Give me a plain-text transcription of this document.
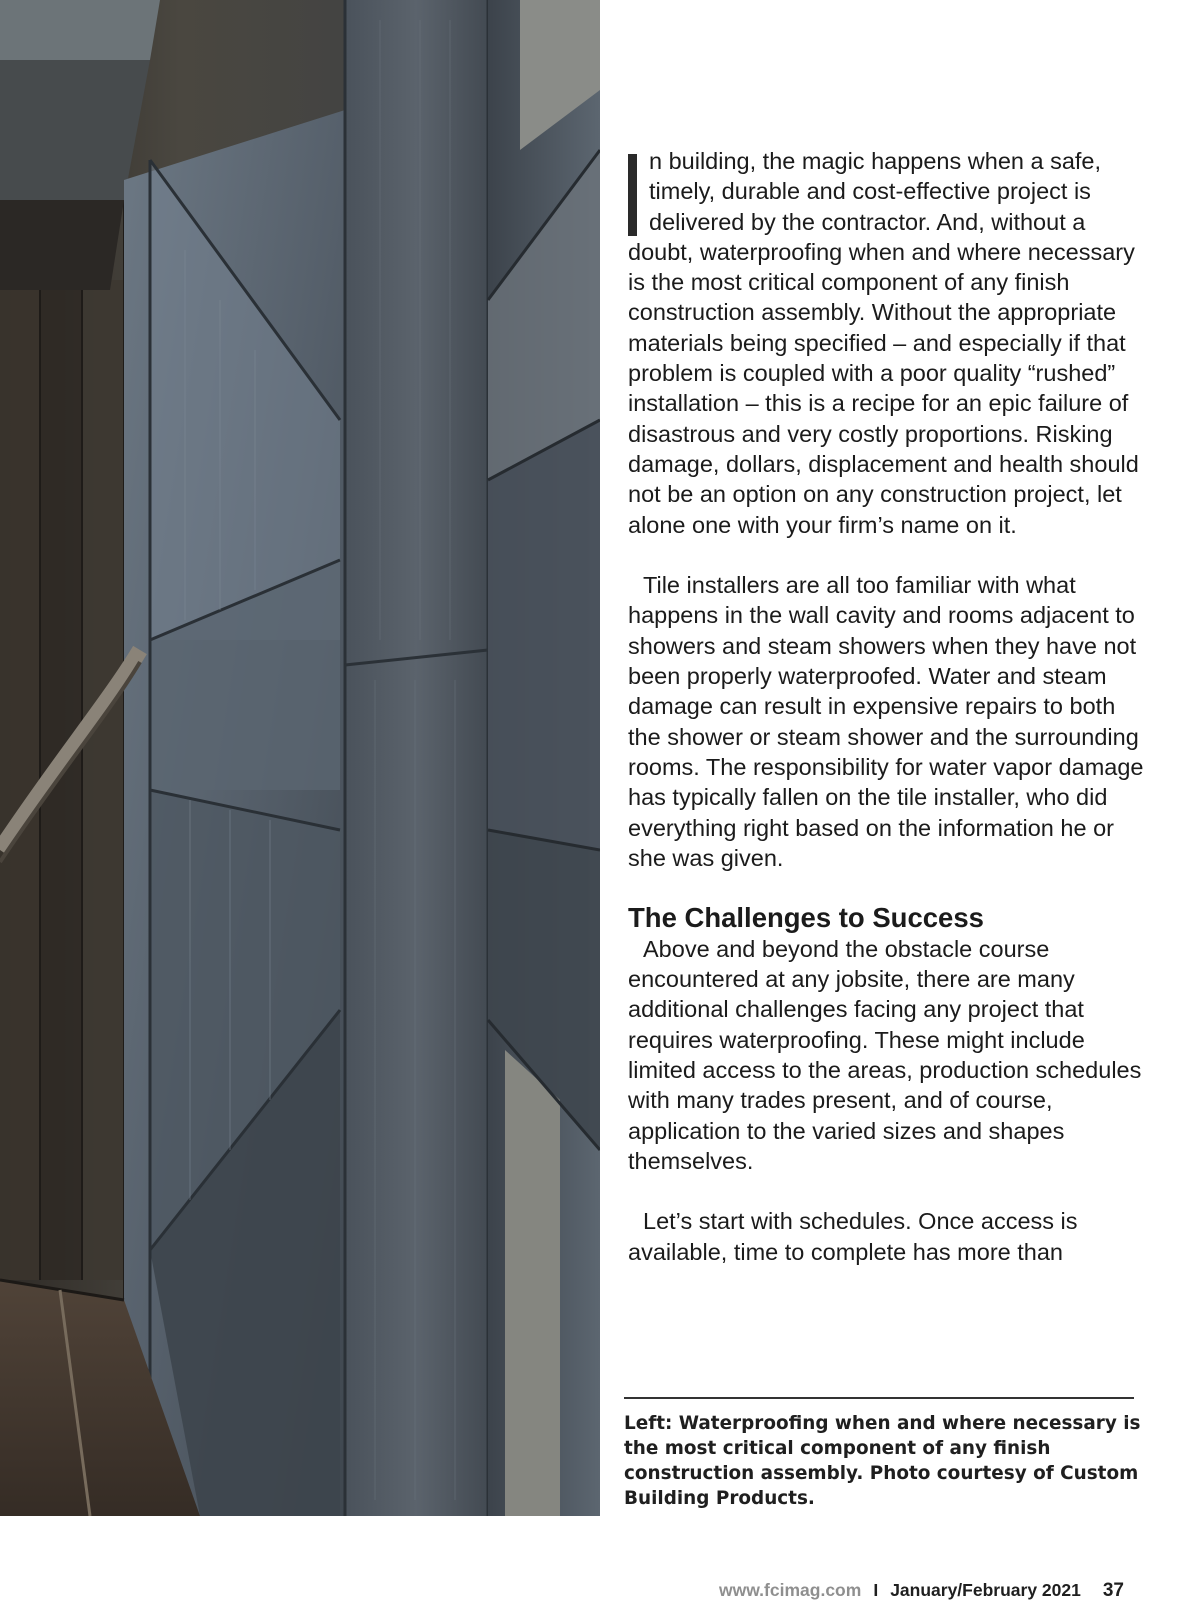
n building, the magic happens when a safe, timely, durable and cost-effective project is delivered by the contractor. And, without a doubt, waterproofing when and where necessary is the most critical component of any finish construction assembly. Without the appropriate materials being specified – and especially if that problem is coupled with a poor quality “rushed” installation – this is a recipe for an epic failure of disastrous and very costly proportions. Risking damage, dollars, displacement and health should not be an option on any construction project, let alone one with your firm’s name on it.

Tile installers are all too familiar with what happens in the wall cavity and rooms adjacent to showers and steam showers when they have not been properly waterproofed. Water and steam damage can result in expensive repairs to both the shower or steam shower and the surrounding rooms. The responsibility for water vapor damage has typically fallen on the tile installer, who did everything right based on the information he or she was given.

The Challenges to Success

Above and beyond the obstacle course encountered at any jobsite, there are many additional challenges facing any project that requires waterproofing. These might include limited access to the areas, production schedules with many trades present, and of course, application to the varied sizes and shapes themselves.

Let’s start with schedules. Once access is available, time to complete has more than

Left: Waterproofing when and where necessary is the most critical component of any finish construction assembly. Photo courtesy of Custom Building Products.

www.fcimag.com I January/February 2021 37
